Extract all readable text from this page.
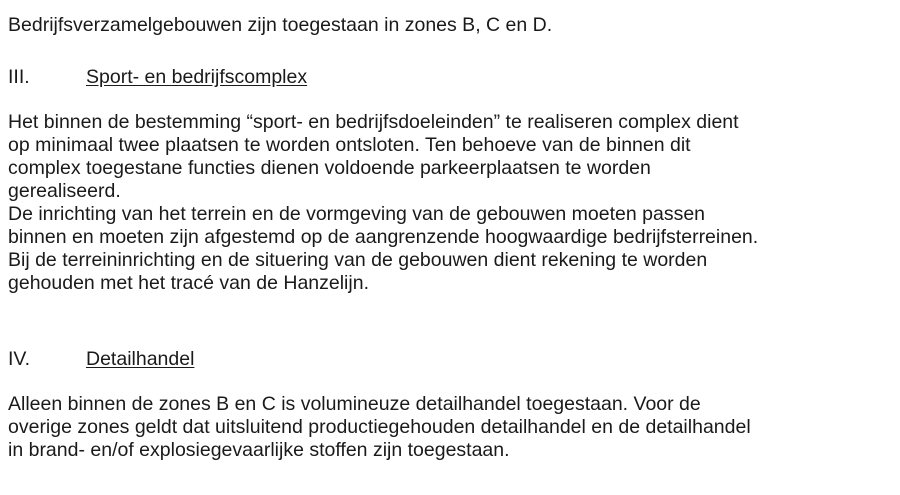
Bedrijfsverzamelgebouwen zijn toegestaan in zones B, C en D.
III.	Sport- en bedrijfscomplex
Het binnen de bestemming “sport- en bedrijfsdoeleinden” te realiseren complex dient
op minimaal twee plaatsen te worden ontsloten. Ten behoeve van de binnen dit
complex toegestane functies dienen voldoende parkeerplaatsen te worden
gerealiseerd.
De inrichting van het terrein en de vormgeving van de gebouwen moeten passen
binnen en moeten zijn afgestemd op de aangrenzende hoogwaardige bedrijfsterreinen.
Bij de terreininrichting en de situering van de gebouwen dient rekening te worden
gehouden met het tracé van de Hanzelijn.
IV.	Detailhandel
Alleen binnen de zones B en C is volumineuze detailhandel toegestaan. Voor de
overige zones geldt dat uitsluitend productiegehouden detailhandel en de detailhandel
in brand- en/of explosiegevaarlijke stoffen zijn toegestaan.
